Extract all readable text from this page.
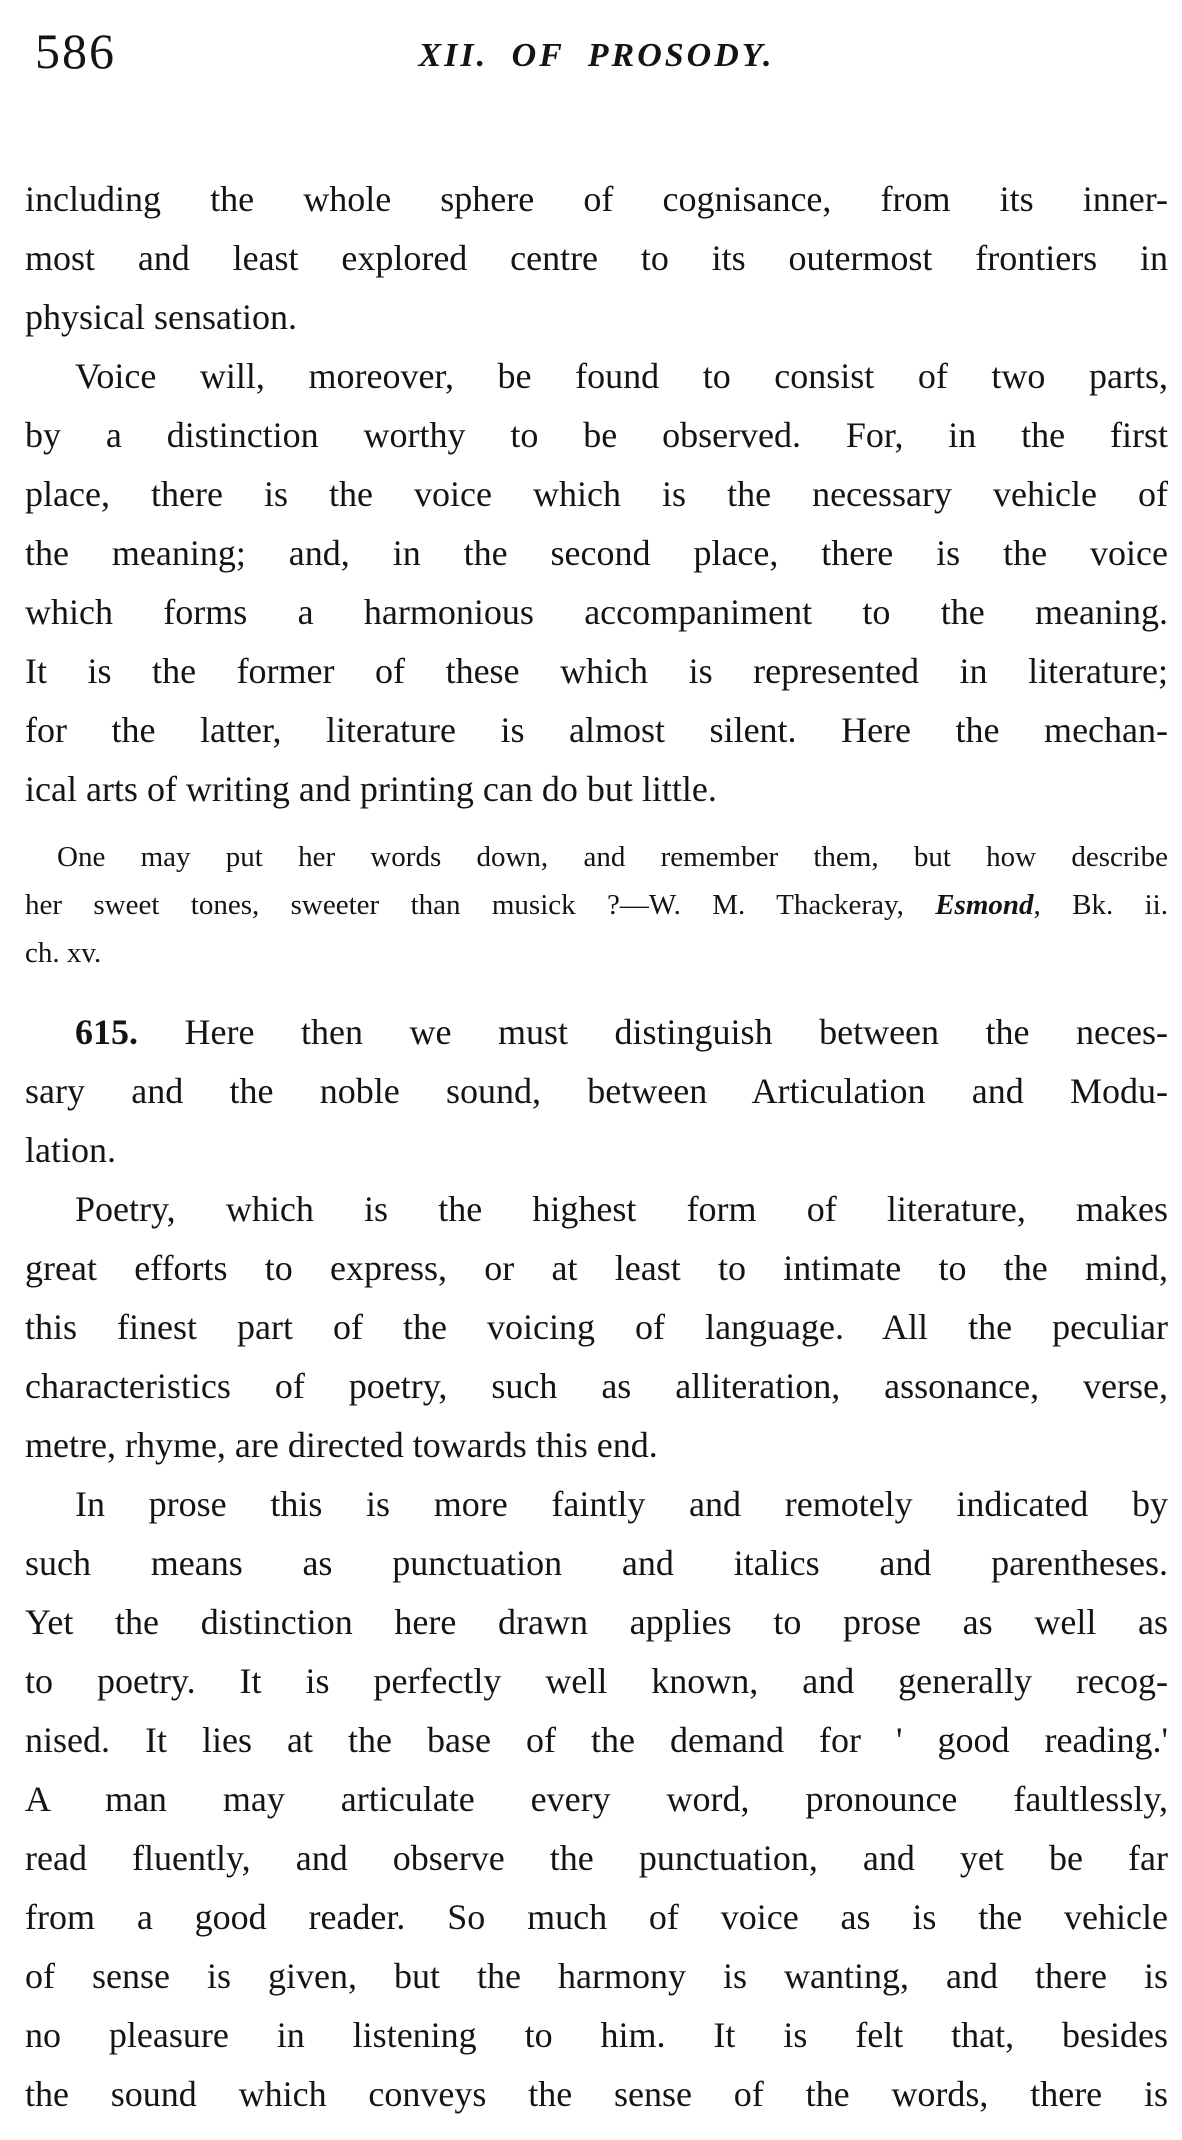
586	XII. OF PROSODY.
including the whole sphere of cognisance, from its inner-
most and least explored centre to its outermost frontiers in
physical sensation.
Voice will, moreover, be found to consist of two parts,
by a distinction worthy to be observed. For, in the first
place, there is the voice which is the necessary vehicle of
the meaning; and, in the second place, there is the voice
which forms a harmonious accompaniment to the meaning.
It is the former of these which is represented in literature;
for the latter, literature is almost silent. Here the mechan-
ical arts of writing and printing can do but little.
One may put her words down, and remember them, but how describe
her sweet tones, sweeter than musick ?—W. M. Thackeray, Esmond, Bk. ii.
ch. xv.
615. Here then we must distinguish between the neces-
sary and the noble sound, between Articulation and Modu-
lation.
Poetry, which is the highest form of literature, makes
great efforts to express, or at least to intimate to the mind,
this finest part of the voicing of language. All the peculiar
characteristics of poetry, such as alliteration, assonance, verse,
metre, rhyme, are directed towards this end.
In prose this is more faintly and remotely indicated by
such means as punctuation and italics and parentheses.
Yet the distinction here drawn applies to prose as well as
to poetry. It is perfectly well known, and generally recog-
nised. It lies at the base of the demand for ' good reading.'
A man may articulate every word, pronounce faultlessly,
read fluently, and observe the punctuation, and yet be far
from a good reader. So much of voice as is the vehicle
of sense is given, but the harmony is wanting, and there is
no pleasure in listening to him. It is felt that, besides
the sound which conveys the sense of the words, there is
